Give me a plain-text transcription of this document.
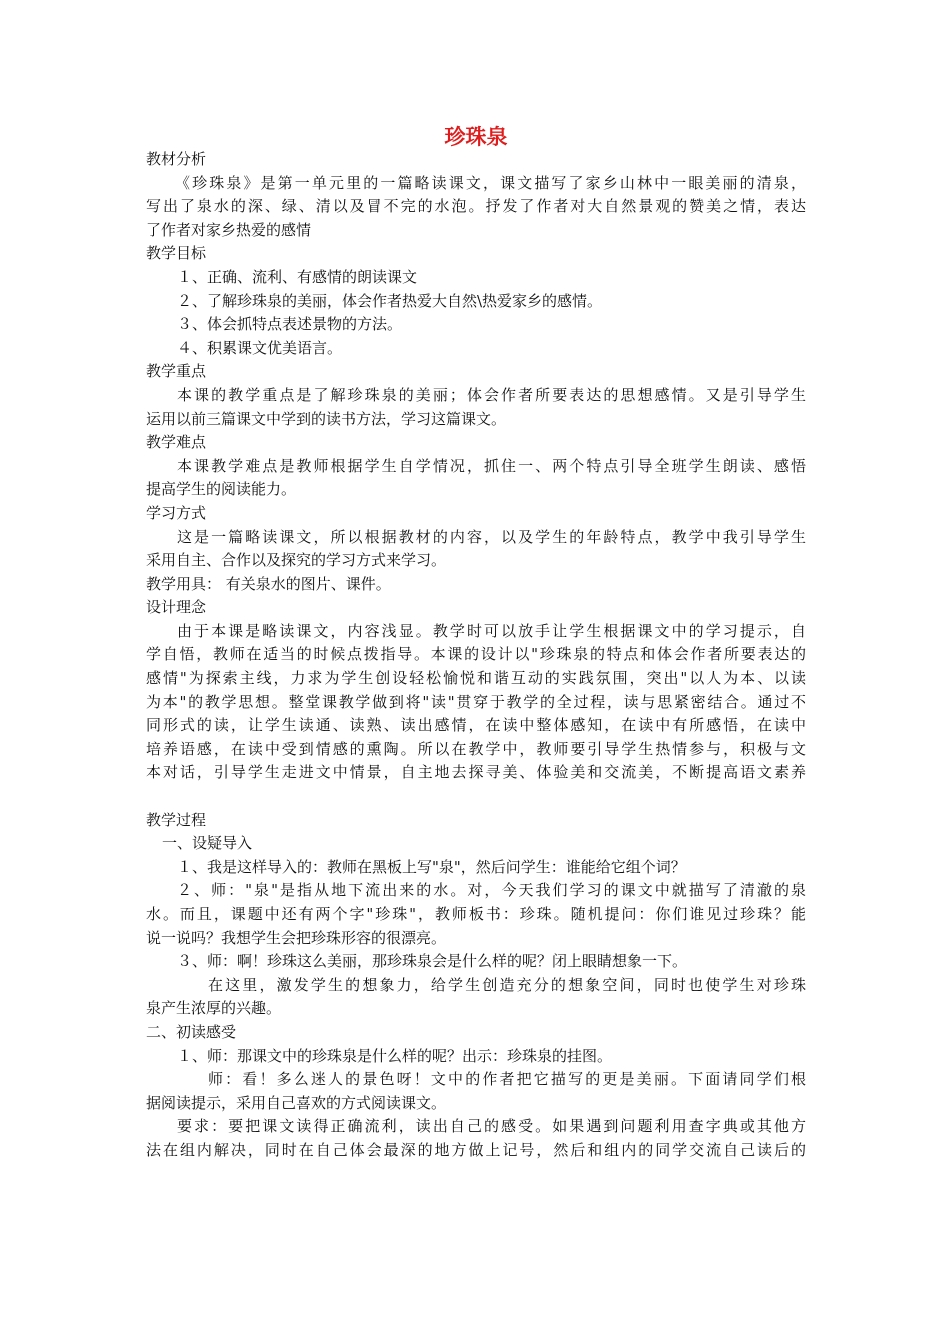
珍珠泉
教材分析
《珍珠泉》是第一单元里的一篇略读课文，课文描写了家乡山林中一眼美丽的清泉，
写出了泉水的深、绿、清以及冒不完的水泡。抒发了作者对大自然景观的赞美之情，表达
了作者对家乡热爱的感情
教学目标
１、正确、流利、有感情的朗读课文
２、了解珍珠泉的美丽，体会作者热爱大自然\热爱家乡的感情。
３、体会抓特点表述景物的方法。
４、积累课文优美语言。
教学重点
本课的教学重点是了解珍珠泉的美丽；体会作者所要表达的思想感情。又是引导学生
运用以前三篇课文中学到的读书方法，学习这篇课文。
教学难点
本课教学难点是教师根据学生自学情况，抓住一、两个特点引导全班学生朗读、感悟
提高学生的阅读能力。
学习方式
这是一篇略读课文，所以根据教材的内容，以及学生的年龄特点，教学中我引导学生
采用自主、合作以及探究的学习方式来学习。
教学用具： 有关泉水的图片、课件。
设计理念
由于本课是略读课文，内容浅显。教学时可以放手让学生根据课文中的学习提示，自
学自悟，教师在适当的时候点拨指导。本课的设计以"珍珠泉的特点和体会作者所要表达的
感情"为探索主线，力求为学生创设轻松愉悦和谐互动的实践氛围，突出"以人为本、以读
为本"的教学思想。整堂课教学做到将"读"贯穿于教学的全过程，读与思紧密结合。通过不
同形式的读，让学生读通、读熟、读出感情，在读中整体感知，在读中有所感悟，在读中
培养语感，在读中受到情感的熏陶。所以在教学中，教师要引导学生热情参与，积极与文
本对话，引导学生走进文中情景，自主地去探寻美、体验美和交流美，不断提高语文素养
教学过程
一、设疑导入
１、我是这样导入的：教师在黑板上写"泉"，然后问学生：谁能给它组个词？
２、师："泉"是指从地下流出来的水。对，今天我们学习的课文中就描写了清澈的泉
水。而且，课题中还有两个字"珍珠"，教师板书：珍珠。随机提问：你们谁见过珍珠？能
说一说吗？我想学生会把珍珠形容的很漂亮。
３、师：啊！珍珠这么美丽，那珍珠泉会是什么样的呢？闭上眼睛想象一下。
在这里，激发学生的想象力，给学生创造充分的想象空间，同时也使学生对珍珠
泉产生浓厚的兴趣。
二、初读感受
１、师：那课文中的珍珠泉是什么样的呢？出示：珍珠泉的挂图。
师：看！多么迷人的景色呀！文中的作者把它描写的更是美丽。下面请同学们根
据阅读提示，采用自己喜欢的方式阅读课文。
要求：要把课文读得正确流利，读出自己的感受。如果遇到问题利用查字典或其他方
法在组内解决，同时在自己体会最深的地方做上记号，然后和组内的同学交流自己读后的
